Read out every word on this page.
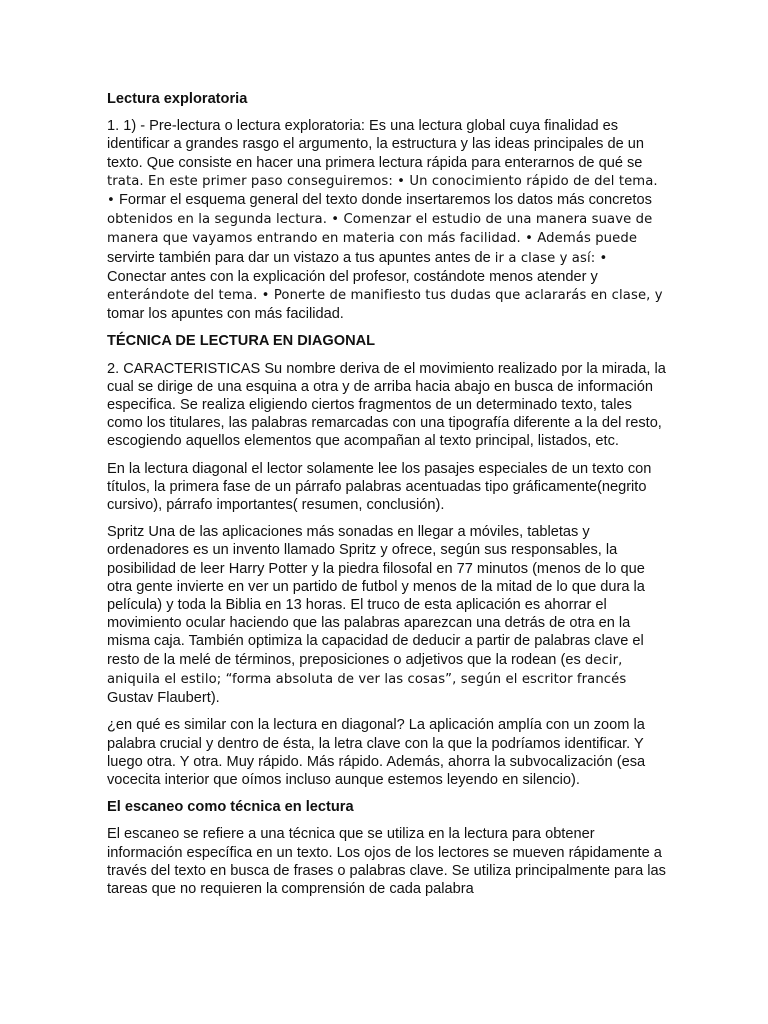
Lectura exploratoria
1. 1) - Pre-lectura o lectura exploratoria: Es una lectura global cuya finalidad es identificar a grandes rasgo el argumento, la estructura y las ideas principales de un texto. Que consiste en hacer una primera lectura rápida para enterarnos de qué se trata. En este primer paso conseguiremos: • Un conocimiento rápido de del tema. • Formar el esquema general del texto donde insertaremos los datos más concretos obtenidos en la segunda lectura. • Comenzar el estudio de una manera suave de manera que vayamos entrando en materia con más facilidad. • Además puede servirte también para dar un vistazo a tus apuntes antes de ir a clase y así: • Conectar antes con la explicación del profesor, costándote menos atender y enterándote del tema. • Ponerte de manifiesto tus dudas que aclararás en clase, y tomar los apuntes con más facilidad.
TÉCNICA DE LECTURA EN DIAGONAL
2. CARACTERISTICAS Su nombre deriva de el movimiento realizado por la mirada, la cual se dirige de una esquina a otra y de arriba hacia abajo en busca de información especifica. Se realiza eligiendo ciertos fragmentos de un determinado texto, tales como los titulares, las palabras remarcadas con una tipografía diferente a la del resto, escogiendo aquellos elementos que acompañan al texto principal, listados, etc.
En la lectura diagonal el lector solamente lee los pasajes especiales de un texto con títulos, la primera fase de un párrafo palabras acentuadas tipo gráficamente(negrito cursivo), párrafo importantes( resumen, conclusión).
Spritz Una de las aplicaciones más sonadas en llegar a móviles, tabletas y ordenadores es un invento llamado Spritz y ofrece, según sus responsables, la posibilidad de leer Harry Potter y la piedra filosofal en 77 minutos (menos de lo que otra gente invierte en ver un partido de futbol y menos de la mitad de lo que dura la película) y toda la Biblia en 13 horas. El truco de esta aplicación es ahorrar el movimiento ocular haciendo que las palabras aparezcan una detrás de otra en la misma caja. También optimiza la capacidad de deducir a partir de palabras clave el resto de la melé de términos, preposiciones o adjetivos que la rodean (es decir, aniquila el estilo; “forma absoluta de ver las cosas”, según el escritor francés Gustav Flaubert).
¿en qué es similar con la lectura en diagonal? La aplicación amplía con un zoom la palabra crucial y dentro de ésta, la letra clave con la que la podríamos identificar. Y luego otra. Y otra. Muy rápido. Más rápido. Además, ahorra la subvocalización (esa vocecita interior que oímos incluso aunque estemos leyendo en silencio).
El escaneo como técnica en lectura
El escaneo se refiere a una técnica que se utiliza en la lectura para obtener información específica en un texto. Los ojos de los lectores se mueven rápidamente a través del texto en busca de frases o palabras clave. Se utiliza principalmente para las tareas que no requieren la comprensión de cada palabra
